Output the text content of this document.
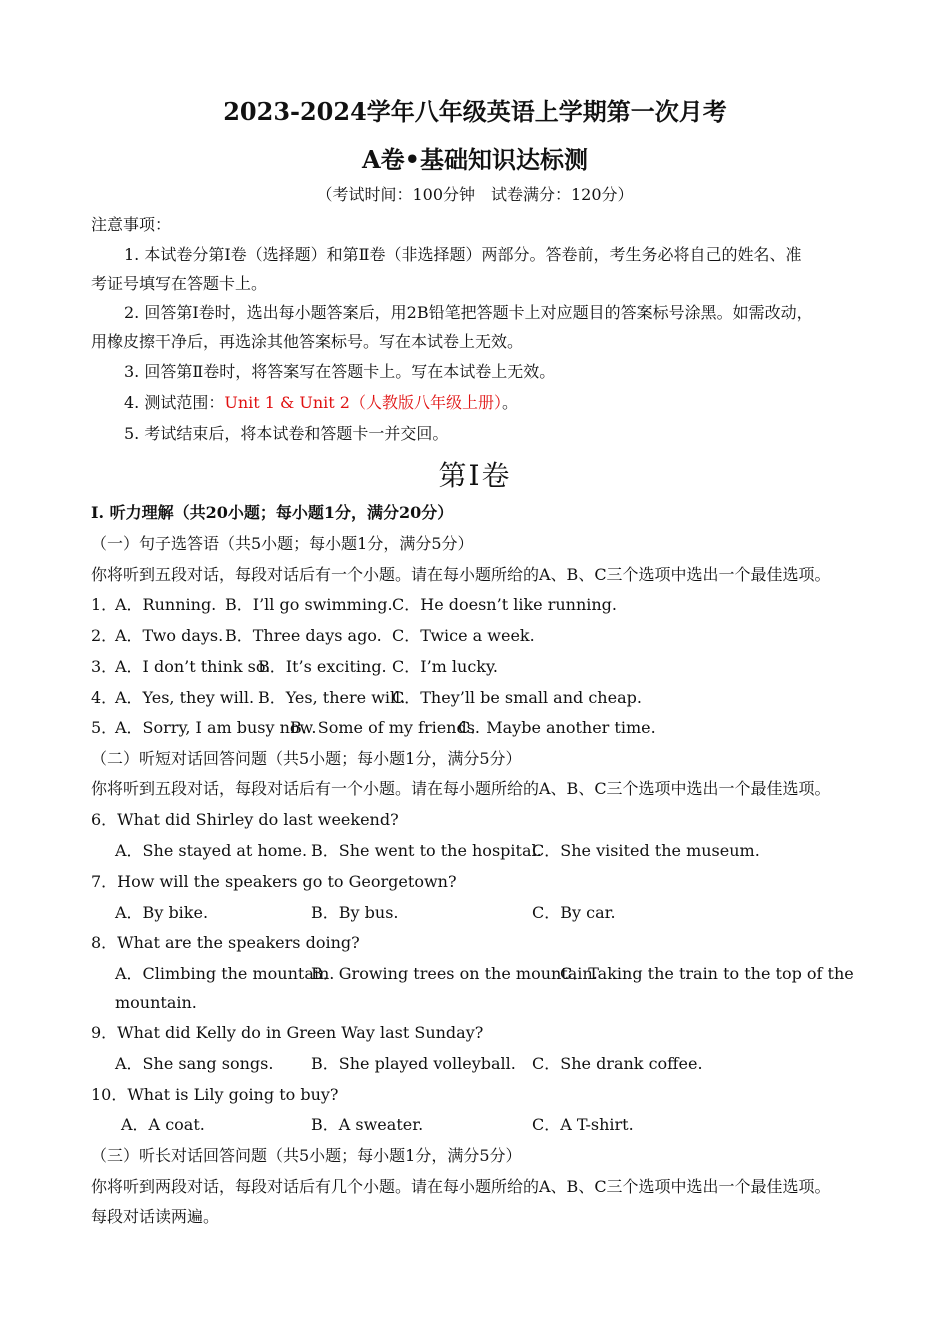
2023-2024学年八年级英语上学期第一次月考
A卷•基础知识达标测
（考试时间：100分钟　试卷满分：120分）
注意事项：
1. 本试卷分第Ⅰ卷（选择题）和第Ⅱ卷（非选择题）两部分。答卷前，考生务必将自己的姓名、准
考证号填写在答题卡上。
2. 回答第Ⅰ卷时，选出每小题答案后，用2B铅笔把答题卡上对应题目的答案标号涂黑。如需改动，
用橡皮擦干净后，再选涂其他答案标号。写在本试卷上无效。
3. 回答第Ⅱ卷时，将答案写在答题卡上。写在本试卷上无效。
4. 测试范围：Unit 1 & Unit 2（人教版八年级上册）。
5. 考试结束后，将本试卷和答题卡一并交回。
第Ⅰ卷
I. 听力理解（共20小题；每小题1分，满分20分）
（一）句子选答语（共5小题；每小题1分，满分5分）
你将听到五段对话，每段对话后有一个小题。请在每小题所给的A、B、C三个选项中选出一个最佳选项。
1．
A．Running. B．I’ll go swimming. C．He doesn’t like running.
2．
A．Two days. B．Three days ago. C．Twice a week.
3．
A．I don’t think so.
B．It’s exciting. C．I’m lucky.
4．
A．Yes, they will. B．Yes, there will.
C．They’ll be small and cheap.
5．
A．Sorry, I am busy now.
B．Some of my friends.
C．Maybe another time.
（二）听短对话回答问题（共5小题；每小题1分，满分5分）
你将听到五段对话，每段对话后有一个小题。请在每小题所给的A、B、C三个选项中选出一个最佳选项。
6．What did Shirley do last weekend?
A．She stayed at home. B．She went to the hospital.
C．She visited the museum.
7．How will the speakers go to Georgetown?
A．By bike.	B．By bus.	C．By car.
8．What are the speakers doing?
A．Climbing the mountain.
B．Growing trees on the mountain.
C．Taking the train to the top of the
mountain.
9．What did Kelly do in Green Way last Sunday?
A．She sang songs. B．She played volleyball. C．She drank coffee.
10．What is Lily going to buy?
A．A coat.	B．A sweater.	C．A T-shirt.
（三）听长对话回答问题（共5小题；每小题1分，满分5分）
你将听到两段对话，每段对话后有几个小题。请在每小题所给的A、B、C三个选项中选出一个最佳选项。
每段对话读两遍。
